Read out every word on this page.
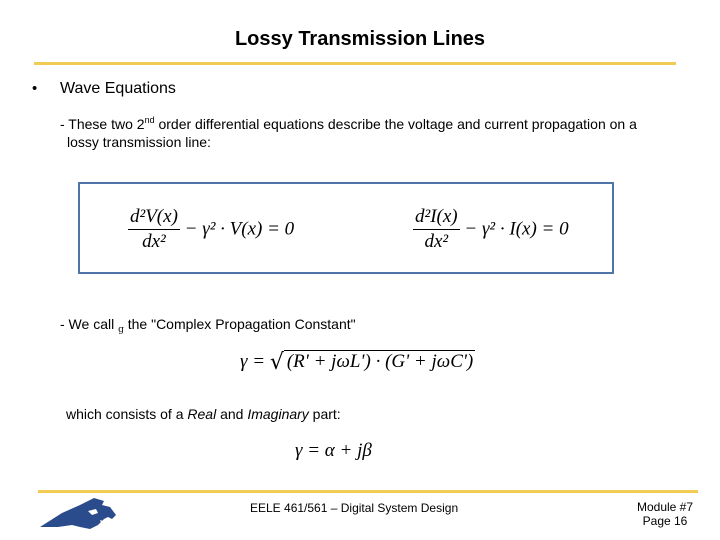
Lossy Transmission Lines
• Wave Equations
- These two 2nd order differential equations describe the voltage and current propagation on a
lossy transmission line:
$\frac{\text{d²V(x)}}{\text{dx²}} - \gamma^2 \cdot V(x) = 0$	$\frac{\text{d²I(x)}}{\text{dx²}} - \gamma^2 \cdot I(x) = 0$
- We call $_g$ the "Complex Propagation Constant"
γ = √ (R' + jωL') · (G' + jωC')
which consists of a Real and Imaginary part:
γ = α + jβ
EELE 461/561 – Digital System Design	Module #7
Page 16
